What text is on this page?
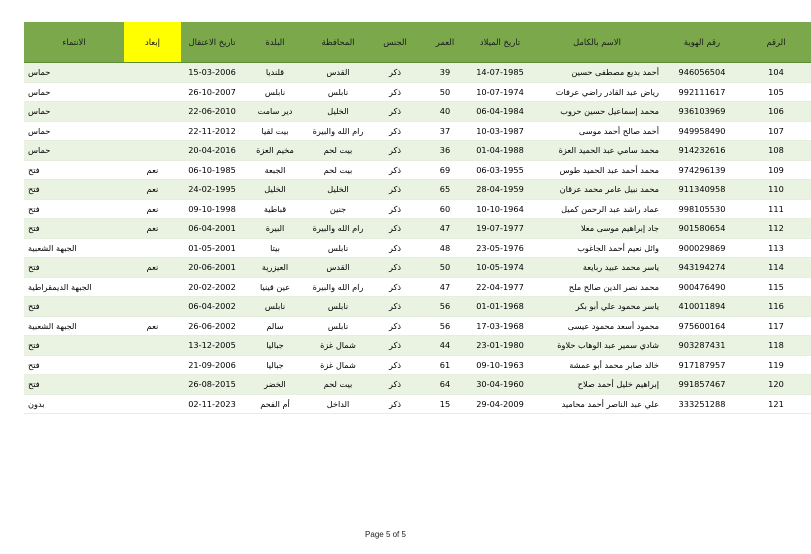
الرقم	رقم الهوية	الاسم بالكامل	تاريخ الميلاد	العمر	الجنس	المحافظة	البلدة	تاريخ الاعتقال	إبعاد	الانتماء
104	946056504	أحمد بديع مصطفى حسين	14-07-1985	39	ذكر	القدس	قلنديا	15-03-2006		حماس
105	992111617	رياض عبد القادر راضي عرفات	10-07-1974	50	ذكر	نابلس	نابلس	26-10-2007		حماس
106	936103969	محمد إسماعيل حسين حروب	06-04-1984	40	ذكر	الخليل	دير سامت	22-06-2010		حماس
107	949958490	أحمد صالح أحمد موسى	10-03-1987	37	ذكر	رام الله والبيرة	بيت لقيا	22-11-2012		حماس
108	914232616	محمد سامي عبد الحميد العزة	01-04-1988	36	ذكر	بيت لحم	مخيم العزة	20-04-2016		حماس
109	974296139	محمد أحمد عبد الحميد طوس	06-03-1955	69	ذكر	بيت لحم	الجبعة	06-10-1985	نعم	فتح
110	911340958	محمد نبيل عامر محمد عرقان	28-04-1959	65	ذكر	الخليل	الخليل	24-02-1995	نعم	فتح
111	998105530	عماد راشد عبد الرحمن كميل	10-10-1964	60	ذكر	جنين	قباطية	09-10-1998	نعم	فتح
112	901580654	جاد إبراهيم موسى معلا	19-07-1977	47	ذكر	رام الله والبيرة	البيرة	06-04-2001	نعم	فتح
113	900029869	وائل نعيم أحمد الجاغوب	23-05-1976	48	ذكر	نابلس	بيتا	01-05-2001		الجبهة الشعبية
114	943194274	ياسر محمد عبيد ربايعة	10-05-1974	50	ذكر	القدس	العيزرية	20-06-2001	نعم	فتح
115	900476490	محمد نصر الدين صالح ملح	22-04-1977	47	ذكر	رام الله والبيرة	عين قينيا	20-02-2002		الجبهة الديمقراطية
116	410011894	ياسر محمود علي أبو بكر	01-01-1968	56	ذكر	نابلس	نابلس	06-04-2002		فتح
117	975600164	محمود أسعد محمود عيسى	17-03-1968	56	ذكر	نابلس	سالم	26-06-2002	نعم	الجبهة الشعبية
118	903287431	شادي سمير عبد الوهاب حلاوة	23-01-1980	44	ذكر	شمال غزة	جباليا	13-12-2005		فتح
119	917187957	خالد صابر محمد أبو عمشة	09-10-1963	61	ذكر	شمال غزة	جباليا	21-09-2006		فتح
120	991857467	إبراهيم خليل أحمد صلاح	30-04-1960	64	ذكر	بيت لحم	الخضر	26-08-2015		فتح
121	333251288	علي عبد الناصر أحمد محاميد	29-04-2009	15	ذكر	الداخل	أم الفحم	02-11-2023		بدون
Page 5 of 5
